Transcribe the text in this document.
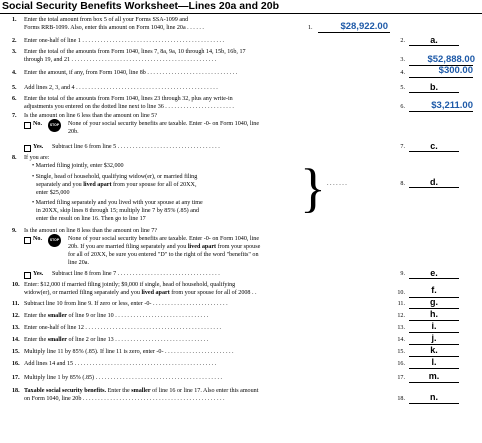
Social Security Benefits Worksheet—Lines 20a and 20b
1. Enter the total amount from box 5 of all your Forms SSA-1099 and
Forms RRB-1099. Also, enter this amount on Form 1040, line 20a . . . . . .	1.	$28,922.00
2. Enter one-half of line 1 . . . . . . . . . . . . . . . . . . . . . . . . . . . . . . . . . . . . . . . . . . . . . . .	2.	a.
3. Enter the total of the amounts from Form 1040, lines 7, 8a, 9a, 10 through 14, 15b, 16b, 17
through 19, and 21 . . . . . . . . . . . . . . . . . . . . . . . . . . . . . . . . . . . . . . . . . . . . . . . .	3.	$52,888.00
4. Enter the amount, if any, from Form 1040, line 8b . . . . . . . . . . . . . . . . . . . . . . . . . . . . . .	4.	$300.00
5. Add lines 2, 3, and 4 . . . . . . . . . . . . . . . . . . . . . . . . . . . . . . . . . . . . . . . . . . . . . . .	5.	b.
6. Enter the total of the amounts from Form 1040, lines 23 through 32, plus any write-in
adjustments you entered on the dotted line next to line 36 . . . . . . . . . . . . . . . . . . . . . . .	6.	$3,211.00
7. Is the amount on line 6 less than the amount on line 5?
No.	STOP	None of your social security benefits are taxable. Enter -0- on Form 1040, line
20b.
Yes. Subtract line 6 from line 5 . . . . . . . . . . . . . . . . . . . . . . . . . . . . . . . . . .	7.	c.
8. If you are:
• Married filing jointly, enter $32,000
• Single, head of household, qualifying widow(er), or married filing
separately and you lived apart from your spouse for all of 20XX,
enter $25,000
• Married filing separately and you lived with your spouse at any time
in 20XX, skip lines 8 through 15; multiply line 7 by 85% (.85) and
enter the result on line 16. Then go to line 17
} . . . . . . .	8.	d.
9. Is the amount on line 8 less than the amount on line 7?
No.	STOP	None of your social security benefits are taxable. Enter -0- on Form 1040, line
20b. If you are married filing separately and you lived apart from your spouse
for all of 20XX, be sure you entered "D" to the right of the word "benefits" on
line 20a.
Yes. Subtract line 8 from line 7 . . . . . . . . . . . . . . . . . . . . . . . . . . . . . . . . . .	9.	e.
10. Enter: $12,000 if married filing jointly; $9,000 if single, head of household, qualifying
widow(er), or married filing separately and you lived apart from your spouse for all of 2008 . .	10.	f.
11. Subtract line 10 from line 9. If zero or less, enter -0- . . . . . . . . . . . . . . . . . . . . . . . . .	11.	g.
12. Enter the smaller of line 9 or line 10 . . . . . . . . . . . . . . . . . . . . . . . . . . . . . . .	12.	h.
13. Enter one-half of line 12 . . . . . . . . . . . . . . . . . . . . . . . . . . . . . . . . . . . . . . . . . . . . .	13.	i.
14. Enter the smaller of line 2 or line 13 . . . . . . . . . . . . . . . . . . . . . . . . . . . . . . .	14.	j.
15. Multiply line 11 by 85% (.85). If line 11 is zero, enter -0- . . . . . . . . . . . . . . . . . . . . . . .	15.	k.
16. Add lines 14 and 15 . . . . . . . . . . . . . . . . . . . . . . . . . . . . . . . . . . . . . . . . . . . . . . .	16.	l.
17. Multiply line 1 by 85% (.85) . . . . . . . . . . . . . . . . . . . . . . . . . . . . . . . . . . . . . . . . . .	17.	m.
18. Taxable social security benefits. Enter the smaller of line 16 or line 17. Also enter this amount
on Form 1040, line 20b . . . . . . . . . . . . . . . . . . . . . . . . . . . . . . . . . . . . . . . . . . . . . . .	18.	n.
